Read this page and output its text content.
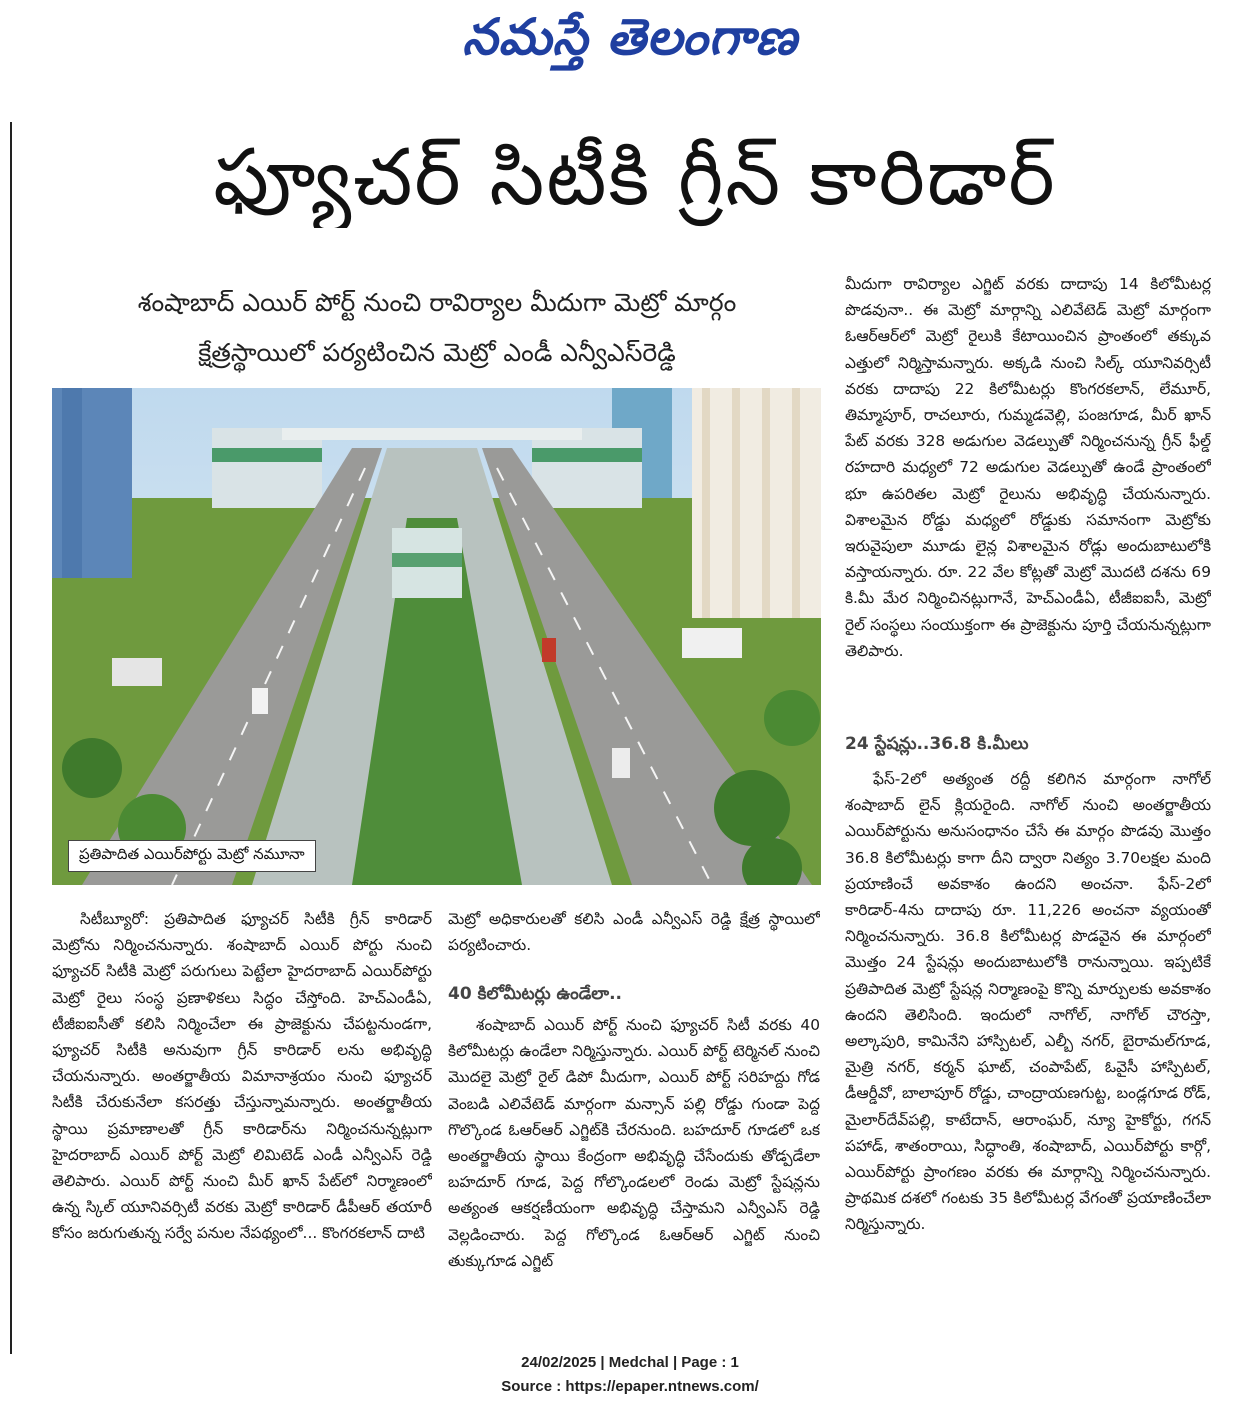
నమస్తే తెలంగాణ
ఫ్యూచర్ సిటీకి గ్రీన్ కారిడార్
శంషాబాద్ ఎయిర్ పోర్ట్ నుంచి రావిర్యాల మీదుగా మెట్రో మార్గం
క్షేత్రస్థాయిలో పర్యటించిన మెట్రో ఎండీ ఎన్వీఎస్‌రెడ్డి
ప్రతిపాదిత ఎయిర్‌పోర్టు మెట్రో నమూనా

మీదుగా రావిర్యాల ఎగ్జిట్ వరకు దాదాపు 14 కిలోమీటర్ల పొడవునా.. ఈ మెట్రో మార్గాన్ని ఎలివేటెడ్ మెట్రో మార్గంగా ఓఆర్ఆర్‌లో మెట్రో రైలుకి కేటాయించిన ప్రాంతంలో తక్కువ ఎత్తులో నిర్మిస్తామన్నారు. అక్కడి నుంచి సిల్క్ యూనివర్సిటీ వరకు దాదాపు 22 కిలోమీటర్లు కొంగరకలాన్, లేమూర్, తిమ్మాపూర్, రాచలూరు, గుమ్మడవెల్లి, పంజగూడ, మీర్ ఖాన్ పేట్ వరకు 328 అడుగుల వెడల్పుతో నిర్మించనున్న గ్రీన్ ఫీల్డ్ రహదారి మధ్యలో 72 అడుగుల వెడల్పుతో ఉండే ప్రాంతంలో భూ ఉపరితల మెట్రో రైలును అభివృద్ధి చేయనున్నారు. విశాలమైన రోడ్డు మధ్యలో రోడ్డుకు సమానంగా మెట్రోకు ఇరువైపులా మూడు లైన్ల విశాలమైన రోడ్లు అందుబాటులోకి వస్తాయన్నారు. రూ. 22 వేల కోట్లతో మెట్రో మొదటి దశను 69 కి.మీ మేర నిర్మించినట్లుగానే, హెచ్ఎండీఏ, టీజీఐఐసీ, మెట్రో రైల్ సంస్థలు సంయుక్తంగా ఈ ప్రాజెక్టును పూర్తి చేయనున్నట్లుగా తెలిపారు.

24 స్టేషన్లు..36.8 కి.మీలు

ఫేస్-2లో అత్యంత రద్దీ కలిగిన మార్గంగా నాగోల్ శంషాబాద్ లైన్ క్లియరైంది. నాగోల్ నుంచి అంతర్జాతీయ ఎయిర్‌పోర్టును అనుసంధానం చేసే ఈ మార్గం పొడవు మొత్తం 36.8 కిలోమీటర్లు కాగా దీని ద్వారా నిత్యం 3.70లక్షల మంది ప్రయాణించే అవకాశం ఉందని అంచనా. ఫేస్-2లో కారిడార్-4ను దాదాపు రూ. 11,226 అంచనా వ్యయంతో నిర్మించనున్నారు. 36.8 కిలోమీటర్ల పొడవైన ఈ మార్గంలో మొత్తం 24 స్టేషన్లు అందుబాటులోకి రానున్నాయి. ఇప్పటికే ప్రతిపాదిత మెట్రో స్టేషన్ల నిర్మాణంపై కొన్ని మార్పులకు అవకాశం ఉందని తెలిసింది. ఇందులో నాగోల్, నాగోల్ చౌరస్తా, అల్కాపురి, కామినేని హాస్పిటల్, ఎల్బీ నగర్, బైరామల్‌గూడ, మైత్రి నగర్, కర్మన్ ఘాట్, చంపాపేట్, ఓవైసీ హాస్పిటల్, డీఆర్డీవో, బాలాపూర్ రోడ్డు, చాంద్రాయణగుట్ట, బండ్లగూడ రోడ్, మైలార్‌దేవ్‌పల్లి, కాటేదాన్, ఆరాంఘర్, న్యూ హైకోర్టు, గగన్ పహాడ్, శాతంరాయి, సిద్ధాంతి, శంషాబాద్, ఎయిర్‌పోర్టు కార్గో, ఎయిర్‌పోర్టు ప్రాంగణం వరకు ఈ మార్గాన్ని నిర్మించనున్నారు. ప్రాథమిక దశలో గంటకు 35 కిలోమీటర్ల వేగంతో ప్రయాణించేలా నిర్మిస్తున్నారు.

సిటీబ్యూరో: ప్రతిపాదిత ఫ్యూచర్ సిటీకి గ్రీన్ కారిడార్ మెట్రోను నిర్మించనున్నారు. శంషాబాద్ ఎయిర్ పోర్టు నుంచి ఫ్యూచర్ సిటీకి మెట్రో పరుగులు పెట్టేలా హైదరాబాద్ ఎయిర్‌పోర్టు మెట్రో రైలు సంస్థ ప్రణాళికలు సిద్ధం చేస్తోంది. హెచ్ఎండీఏ, టీజీఐఐసీతో కలిసి నిర్మించేలా ఈ ప్రాజెక్టును చేపట్టనుండగా, ఫ్యూచర్ సిటీకి అనువుగా గ్రీన్ కారిడార్ లను అభివృద్ధి చేయనున్నారు. అంతర్జాతీయ విమానాశ్రయం నుంచి ఫ్యూచర్ సిటీకి చేరుకునేలా కసరత్తు చేస్తున్నామన్నారు. అంతర్జాతీయ స్థాయి ప్రమాణాలతో గ్రీన్ కారిడార్‌ను నిర్మించనున్నట్లుగా హైదరాబాద్ ఎయిర్ పోర్ట్ మెట్రో లిమిటెడ్ ఎండీ ఎన్వీఎస్ రెడ్డి తెలిపారు. ఎయిర్ పోర్ట్ నుంచి మీర్ ఖాన్ పేట్‌లో నిర్మాణంలో ఉన్న స్కిల్ యూనివర్సిటీ వరకు మెట్రో కారిడార్ డీపీఆర్ తయారీ కోసం జరుగుతున్న సర్వే పనుల నేపథ్యంలో... కొంగరకలాన్ దాటి

మెట్రో అధికారులతో కలిసి ఎండీ ఎన్వీఎస్ రెడ్డి క్షేత్ర స్థాయిలో పర్యటించారు.

40 కిలోమీటర్లు ఉండేలా..

శంషాబాద్ ఎయిర్ పోర్ట్ నుంచి ఫ్యూచర్ సిటీ వరకు 40 కిలోమీటర్లు ఉండేలా నిర్మిస్తున్నారు. ఎయిర్ పోర్ట్ టెర్మినల్ నుంచి మొదలై మెట్రో రైల్ డిపో మీదుగా, ఎయిర్ పోర్ట్ సరిహద్దు గోడ వెంబడి ఎలివేటెడ్ మార్గంగా మన్సాన్ పల్లి రోడ్డు గుండా పెద్ద గొల్కొండ ఓఆర్ఆర్ ఎగ్జిట్‌కి చేరనుంది. బహదూర్ గూడలో ఒక అంతర్జాతీయ స్థాయి కేంద్రంగా అభివృద్ధి చేసేందుకు తోడ్పడేలా బహదూర్ గూడ, పెద్ద గోల్కొండలలో రెండు మెట్రో స్టేషన్లను అత్యంత ఆకర్షణీయంగా అభివృద్ధి చేస్తామని ఎన్వీఎస్ రెడ్డి వెల్లడించారు. పెద్ద గోల్కొండ ఓఆర్ఆర్ ఎగ్జిట్ నుంచి తుక్కుగూడ ఎగ్జిట్

24/02/2025 | Medchal | Page : 1
Source : https://epaper.ntnews.com/
